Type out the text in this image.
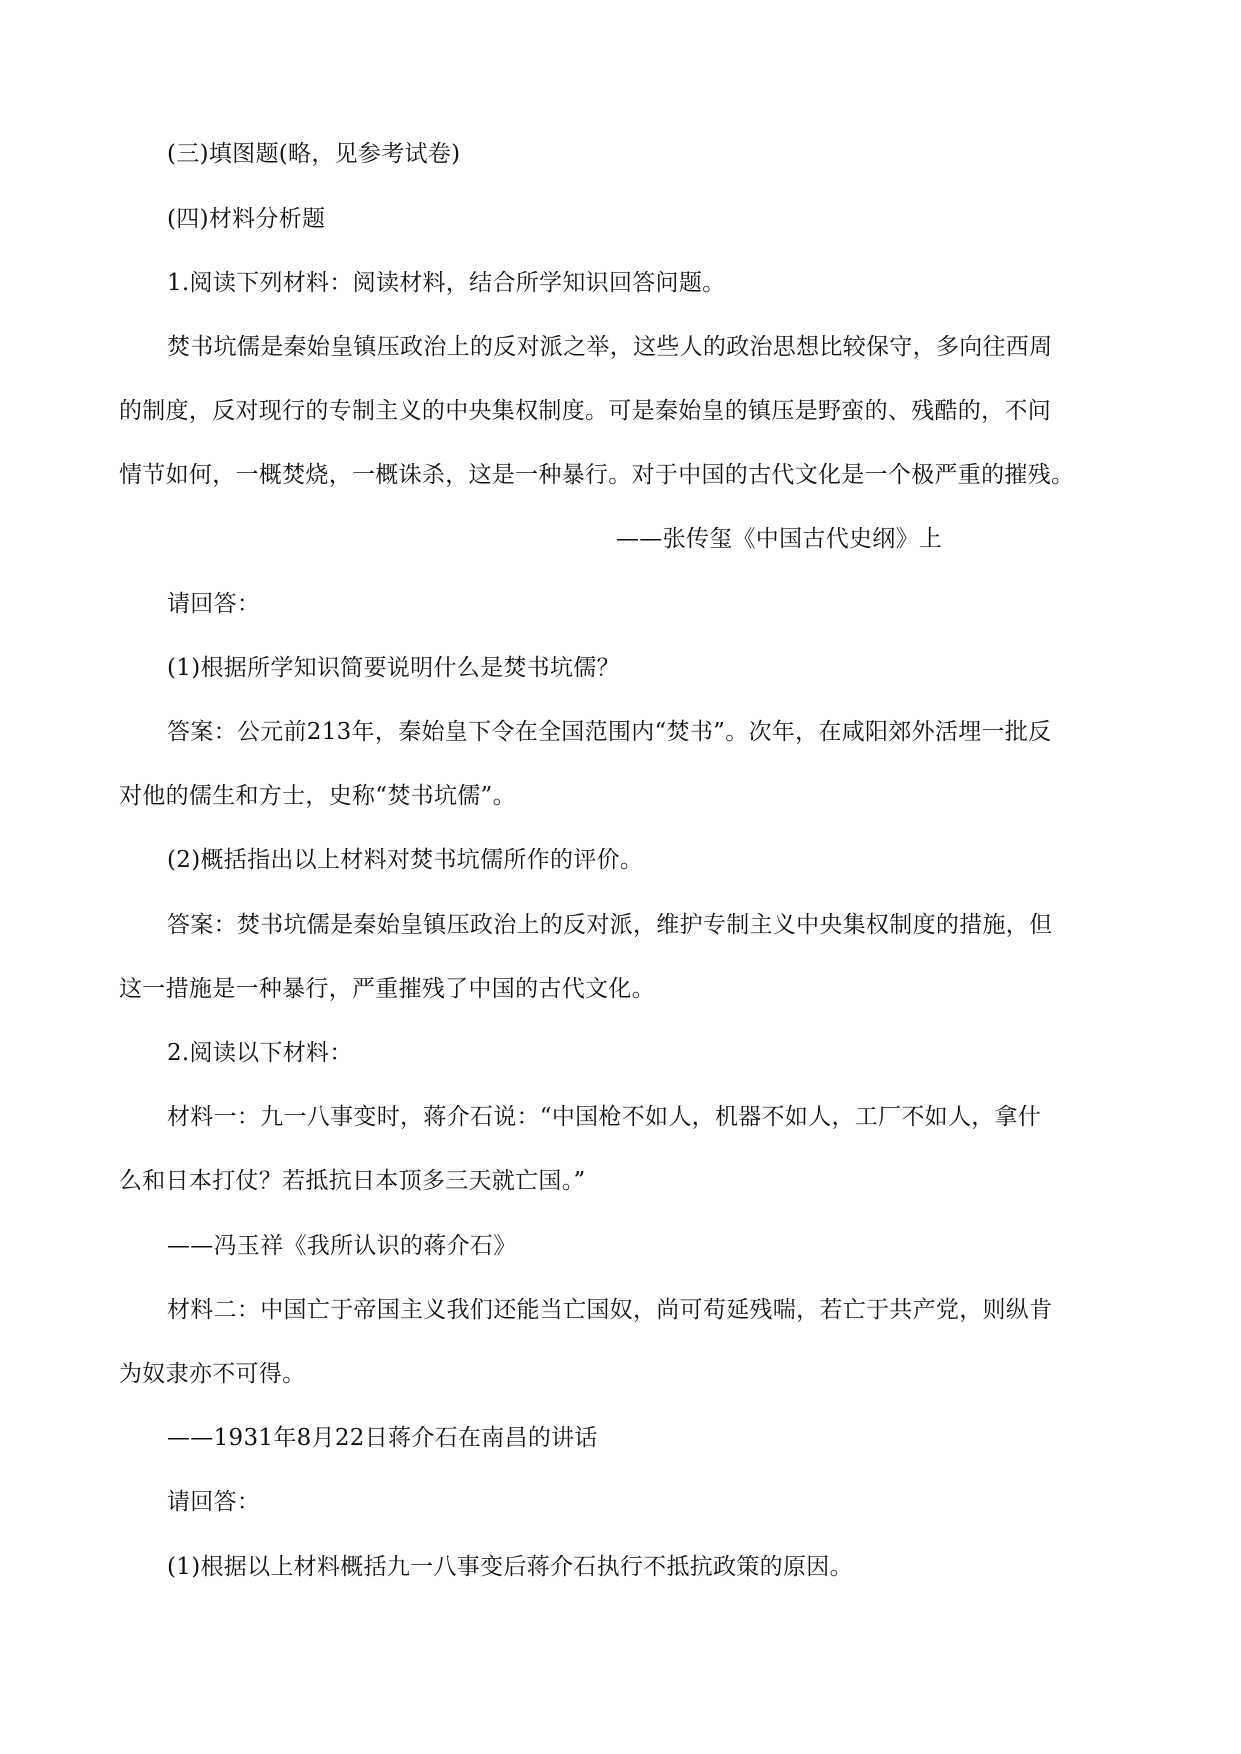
(三)填图题(略，见参考试卷)
(四)材料分析题
1.阅读下列材料：阅读材料，结合所学知识回答问题。
焚书坑儒是秦始皇镇压政治上的反对派之举，这些人的政治思想比较保守，多向往西周
的制度，反对现行的专制主义的中央集权制度。可是秦始皇的镇压是野蛮的、残酷的，不问
情节如何，一概焚烧，一概诛杀，这是一种暴行。对于中国的古代文化是一个极严重的摧残。
——张传玺《中国古代史纲》上
请回答：
(1)根据所学知识简要说明什么是焚书坑儒？
答案：公元前213年，秦始皇下令在全国范围内“焚书”。次年，在咸阳郊外活埋一批反
对他的儒生和方士，史称“焚书坑儒”。
(2)概括指出以上材料对焚书坑儒所作的评价。
答案：焚书坑儒是秦始皇镇压政治上的反对派，维护专制主义中央集权制度的措施，但
这一措施是一种暴行，严重摧残了中国的古代文化。
2.阅读以下材料：
材料一：九一八事变时，蒋介石说：“中国枪不如人，机器不如人，工厂不如人，拿什
么和日本打仗？若抵抗日本顶多三天就亡国。”
——冯玉祥《我所认识的蒋介石》
材料二：中国亡于帝国主义我们还能当亡国奴，尚可苟延残喘，若亡于共产党，则纵肯
为奴隶亦不可得。
——1931年8月22日蒋介石在南昌的讲话
请回答：
(1)根据以上材料概括九一八事变后蒋介石执行不抵抗政策的原因。
